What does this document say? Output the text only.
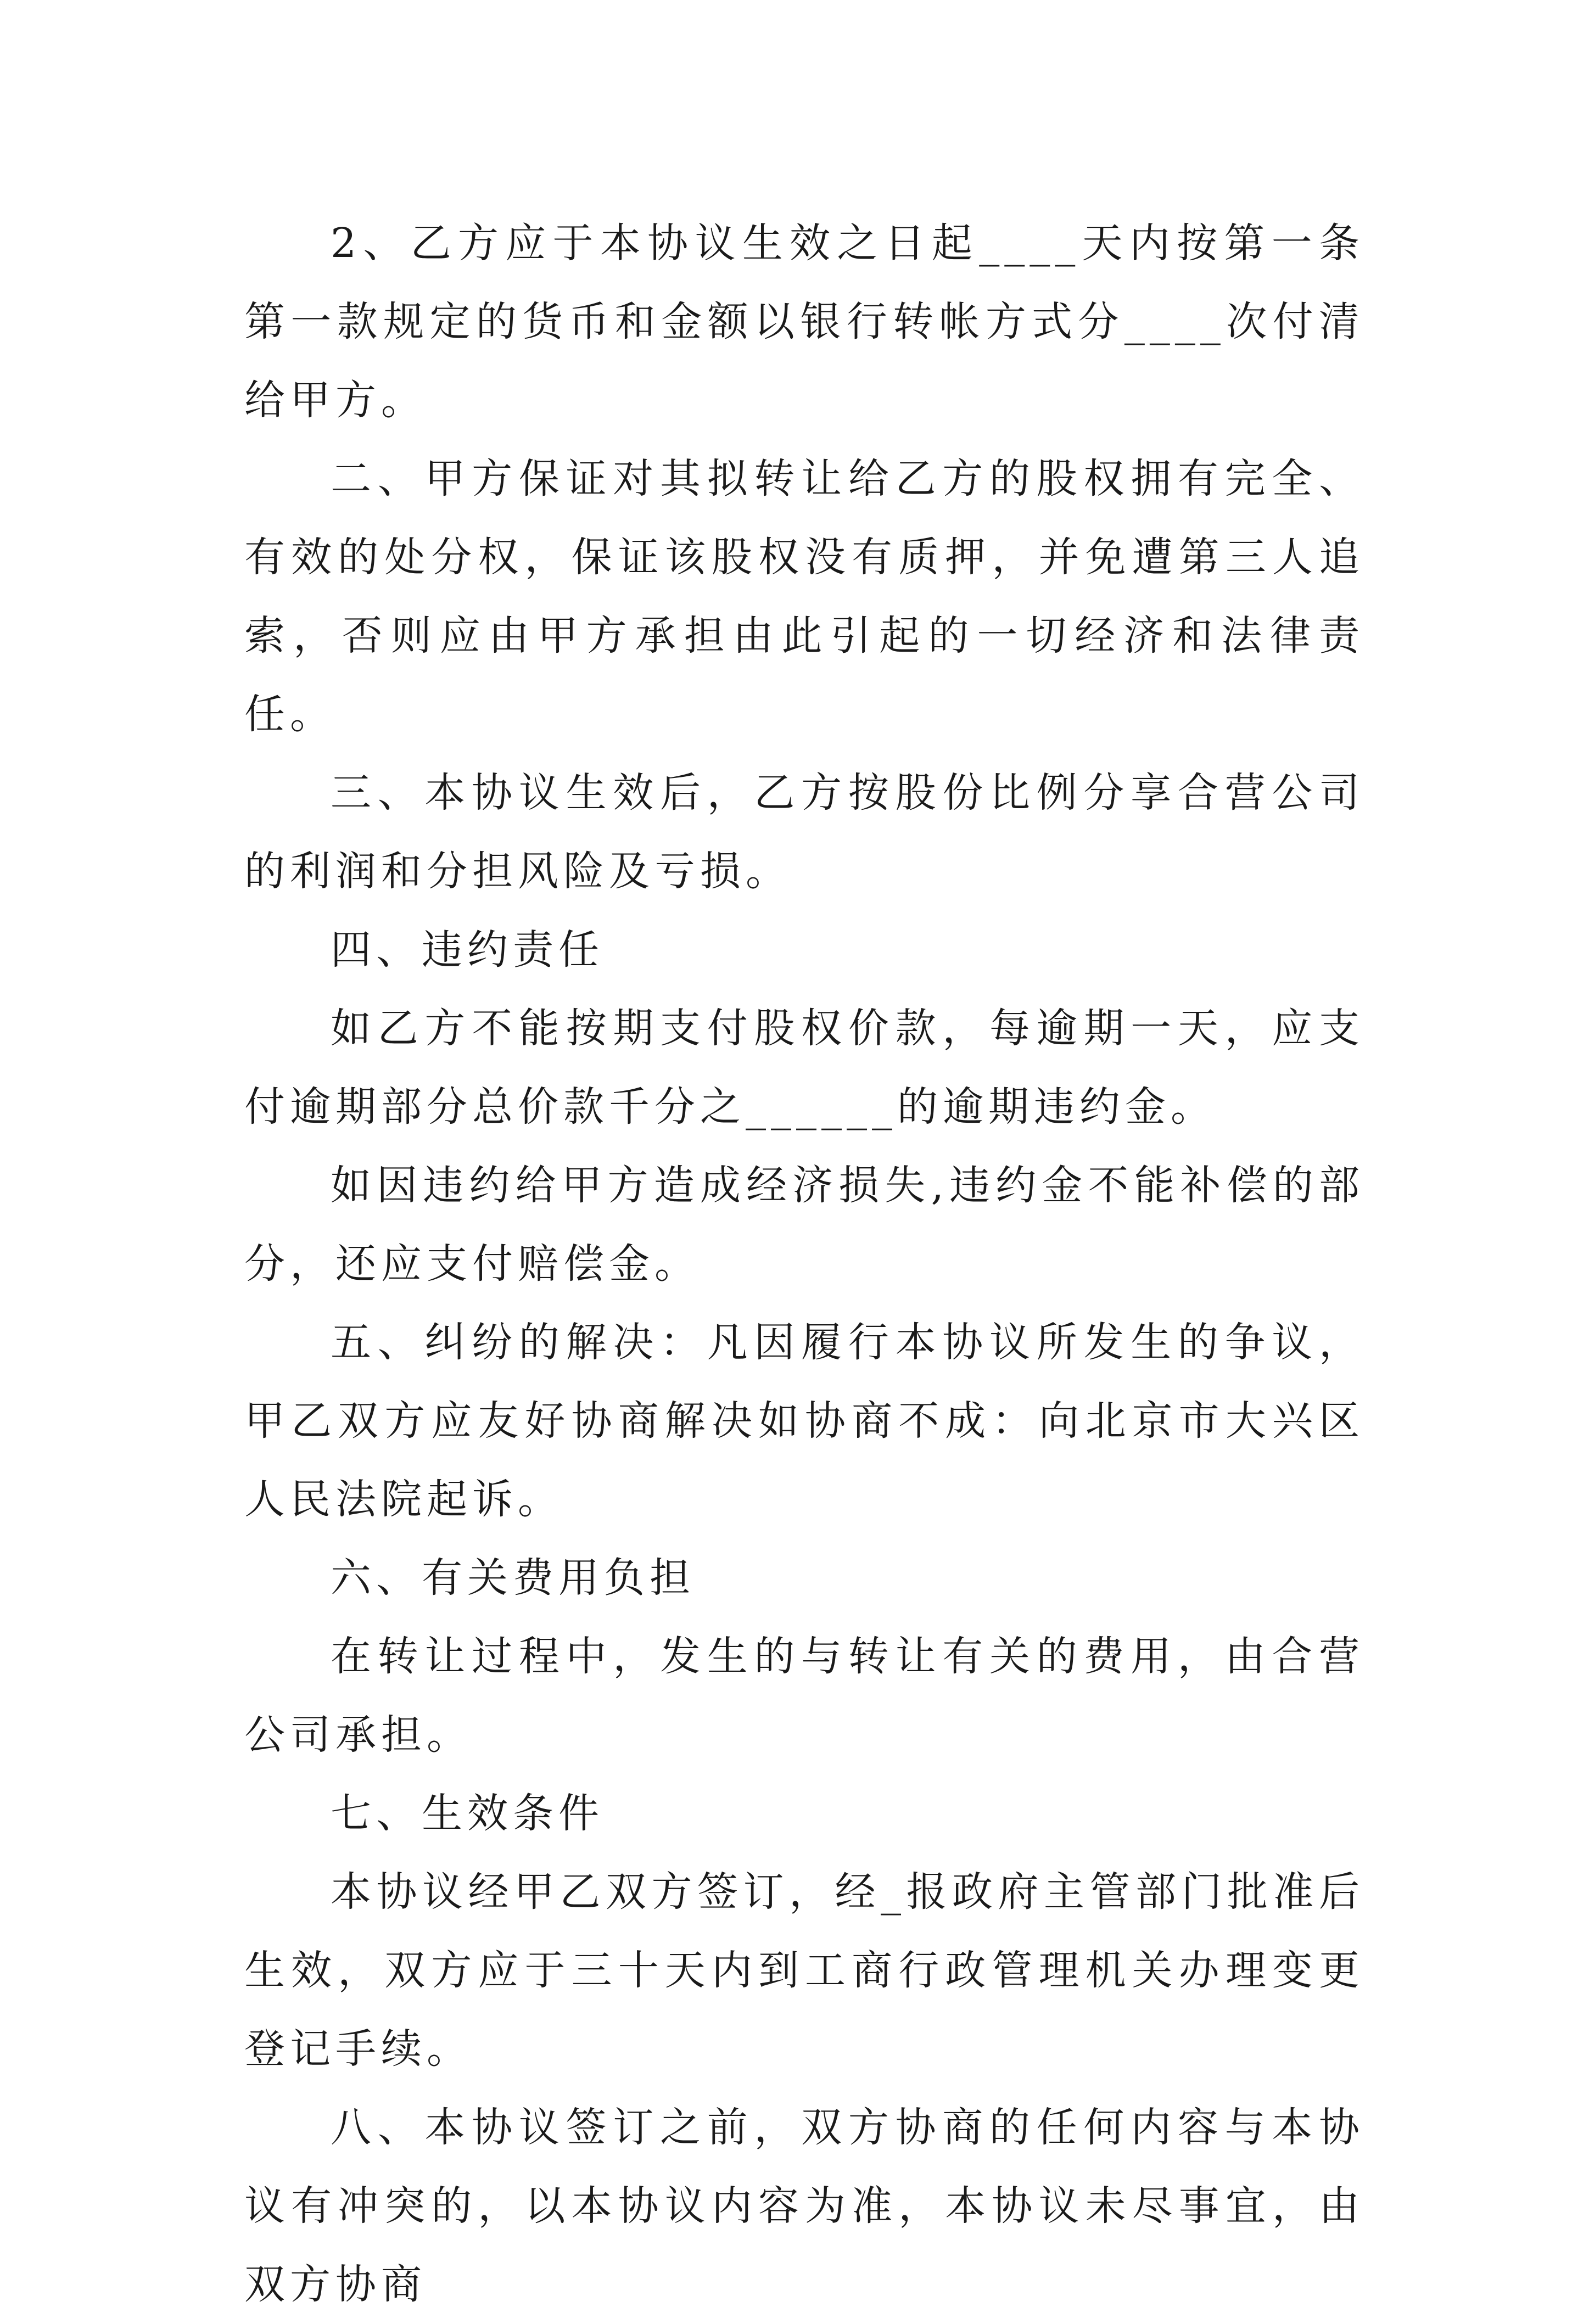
2、乙方应于本协议生效之日起____天内按第一条第一款规定的货币和金额以银行转帐方式分____次付清给甲方。

二、甲方保证对其拟转让给乙方的股权拥有完全、有效的处分权，保证该股权没有质押，并免遭第三人追索，否则应由甲方承担由此引起的一切经济和法律责任。

三、本协议生效后，乙方按股份比例分享合营公司的利润和分担风险及亏损。

四、违约责任

如乙方不能按期支付股权价款，每逾期一天，应支付逾期部分总价款千分之______的逾期违约金。

如因违约给甲方造成经济损失,违约金不能补偿的部分，还应支付赔偿金。

五、纠纷的解决：凡因履行本协议所发生的争议，甲乙双方应友好协商解决如协商不成：向北京市大兴区人民法院起诉。

六、有关费用负担

在转让过程中，发生的与转让有关的费用，由合营公司承担。

七、生效条件

本协议经甲乙双方签订，经_报政府主管部门批准后生效，双方应于三十天内到工商行政管理机关办理变更登记手续。

八、本协议签订之前，双方协商的任何内容与本协议有冲突的，以本协议内容为准，本协议未尽事宜，由双方协商
